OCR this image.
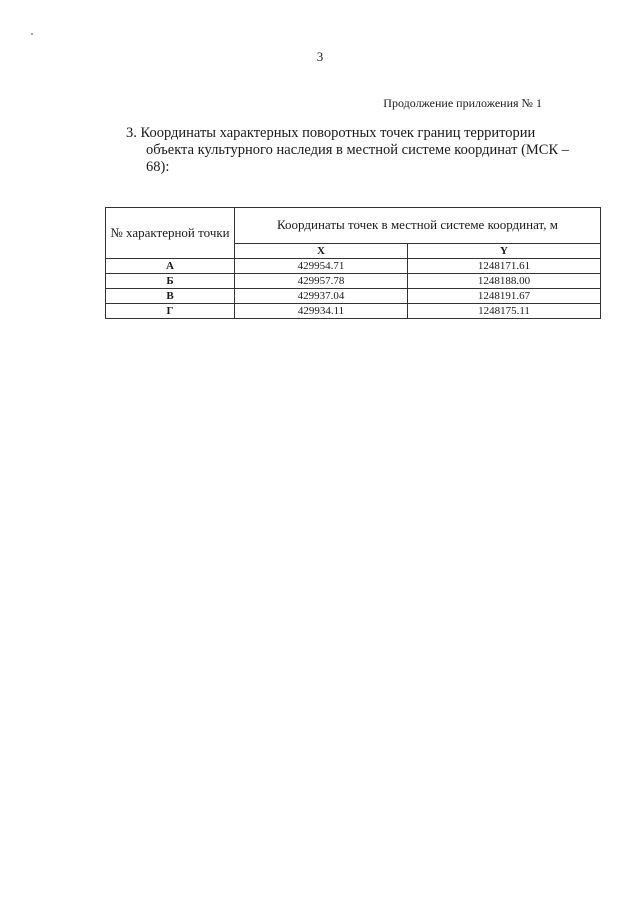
3
Продолжение приложения № 1
3. Координаты характерных поворотных точек границ территории
объекта культурного наследия в местной системе координат (МСК –
68):
№ характерной точки	Координаты точек в местной системе координат, м	
	X	Y
А	429954.71	1248171.61
Б	429957.78	1248188.00
В	429937.04	1248191.67
Г	429934.11	1248175.11
